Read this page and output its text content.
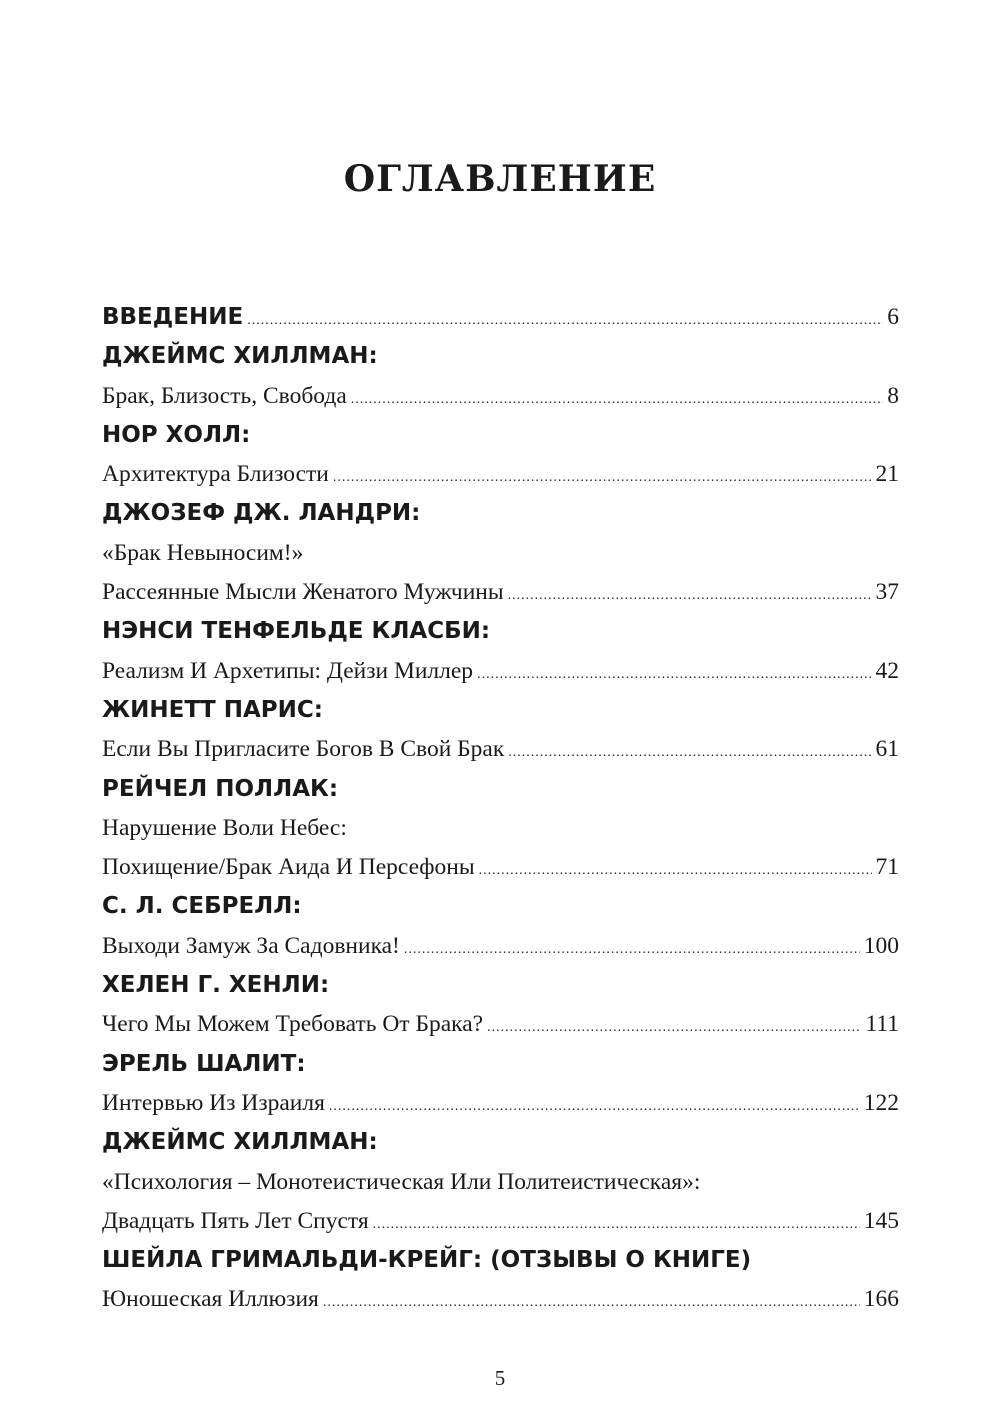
ОГЛАВЛЕНИЕ
ВВЕДЕНИЕ .....	6
ДЖЕЙМС ХИЛЛМАН:
Брак, Близость, Свобода .....	8
НОР ХОЛЛ:
Архитектура Близости .....	21
ДЖОЗЕФ ДЖ. ЛАНДРИ:
«Брак Невыносим!»
Рассеянные Мысли Женатого Мужчины .....	37
НЭНСИ ТЕНФЕЛЬДЕ КЛАСБИ:
Реализм И Архетипы: Дейзи Миллер .....	42
ЖИНЕТТ ПАРИС:
Если Вы Пригласите Богов В Свой Брак .....	61
РЕЙЧЕЛ ПОЛЛАК:
Нарушение Воли Небес:
Похищение/Брак Аида И Персефоны .....	71
С. Л. СЕБРЕЛЛ:
Выходи Замуж За Садовника! .....	100
ХЕЛЕН Г. ХЕНЛИ:
Чего Мы Можем Требовать От Брака? .....	111
ЭРЕЛЬ ШАЛИТ:
Интервью Из Израиля .....	122
ДЖЕЙМС ХИЛЛМАН:
«Психология – Монотеистическая Или Политеистическая»:
Двадцать Пять Лет Спустя .....	145
ШЕЙЛА ГРИМАЛЬДИ-КРЕЙГ: (ОТЗЫВЫ О КНИГЕ)
Юношеская Иллюзия .....	166
5
